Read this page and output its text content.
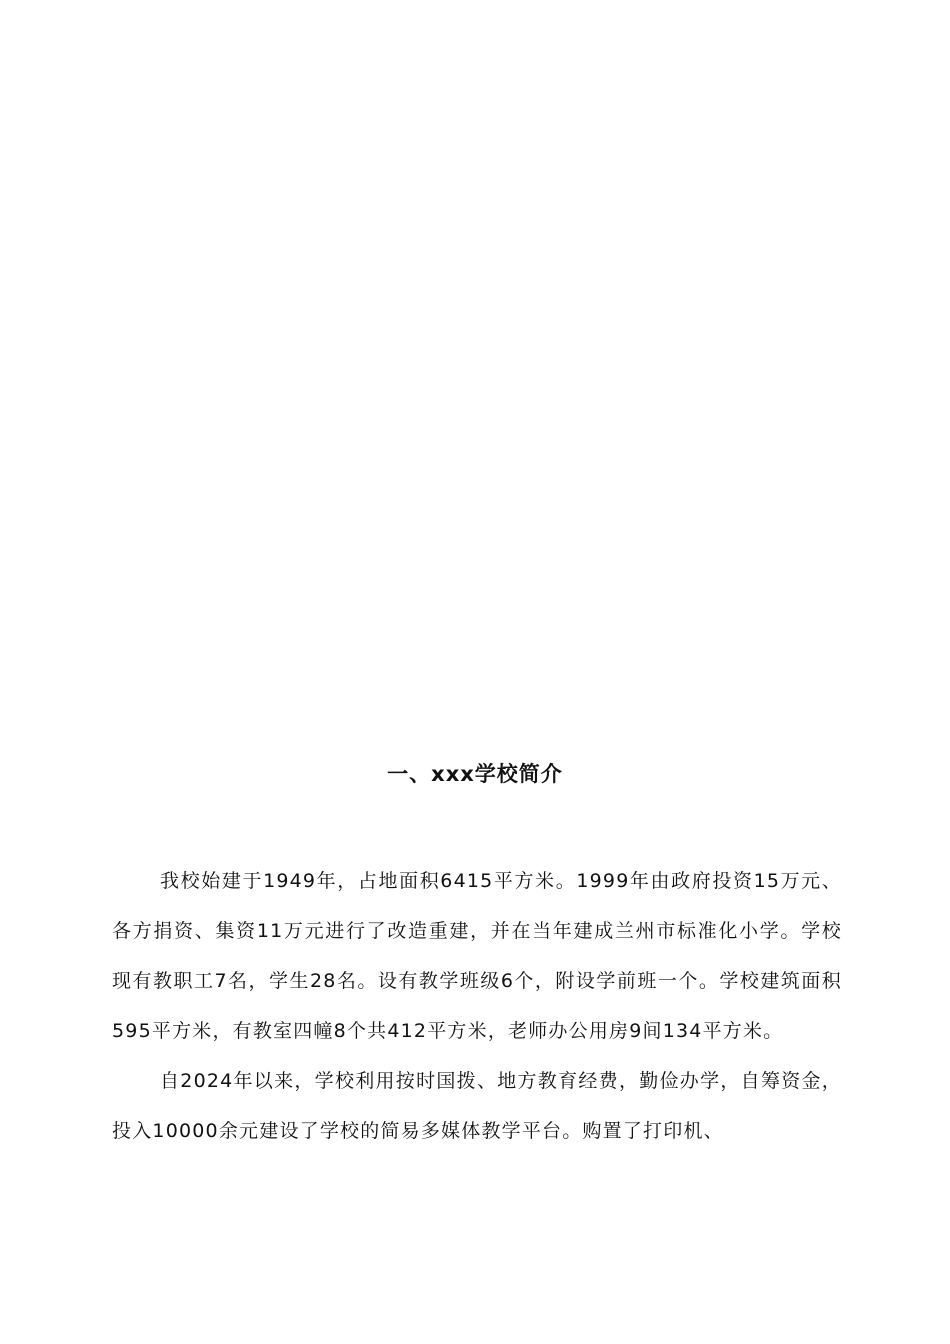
一、xxx学校简介

我校始建于1949年，占地面积6415平方米。1999年由政府投资15万元、各方捐资、集资11万元进行了改造重建，并在当年建成兰州市标准化小学。学校现有教职工7名，学生28名。设有教学班级6个，附设学前班一个。学校建筑面积595平方米，有教室四幢8个共412平方米，老师办公用房9间134平方米。

自2024年以来，学校利用按时国拨、地方教育经费，勤俭办学，自筹资金，投入10000余元建设了学校的简易多媒体教学平台。购置了打印机、
